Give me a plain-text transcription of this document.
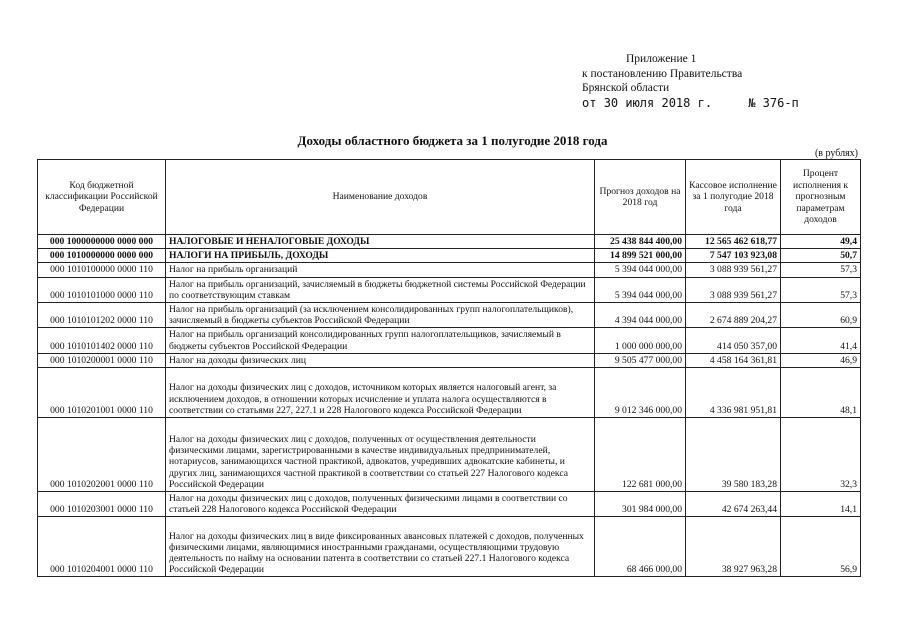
Приложение 1
к постановлению Правительства
Брянской области
от 30 июля 2018 г.	№ 376-п
Доходы областного бюджета за 1 полугодие 2018 года
(в рублях)
Код бюджетной классификации Российской Федерации	Наименование доходов	Прогноз доходов на 2018 год	Кассовое исполнение за 1 полугодие 2018 года	Процент исполнения к прогнозным параметрам доходов
000 1000000000 0000 000	НАЛОГОВЫЕ И НЕНАЛОГОВЫЕ ДОХОДЫ	25 438 844 400,00	12 565 462 618,77	49,4
000 1010000000 0000 000	НАЛОГИ НА ПРИБЫЛЬ, ДОХОДЫ	14 899 521 000,00	7 547 103 923,08	50,7
000 1010100000 0000 110	Налог на прибыль организаций	5 394 044 000,00	3 088 939 561,27	57,3
000 1010101000 0000 110	Налог на прибыль организаций, зачисляемый в бюджеты бюджетной системы Российской Федерации по соответствующим ставкам	5 394 044 000,00	3 088 939 561,27	57,3
000 1010101202 0000 110	Налог на прибыль организаций (за исключением консолидированных групп налогоплательщиков), зачисляемый в бюджеты субъектов Российской Федерации	4 394 044 000,00	2 674 889 204,27	60,9
000 1010101402 0000 110	Налог на прибыль организаций консолидированных групп налогоплательщиков, зачисляемый в бюджеты субъектов Российской Федерации	1 000 000 000,00	414 050 357,00	41,4
000 1010200001 0000 110	Налог на доходы физических лиц	9 505 477 000,00	4 458 164 361,81	46,9
000 1010201001 0000 110	Налог на доходы физических лиц с доходов, источником которых является налоговый агент, за исключением доходов, в отношении которых исчисление и уплата налога осуществляются в соответствии со статьями 227, 227.1 и 228 Налогового кодекса Российской Федерации	9 012 346 000,00	4 336 981 951,81	48,1
000 1010202001 0000 110	Налог на доходы физических лиц с доходов, полученных от осуществления деятельности физическими лицами, зарегистрированными в качестве индивидуальных предпринимателей, нотариусов, занимающихся частной практикой, адвокатов, учредивших адвокатские кабинеты, и других лиц, занимающихся частной практикой в соответствии со статьей 227 Налогового кодекса Российской Федерации	122 681 000,00	39 580 183,28	32,3
000 1010203001 0000 110	Налог на доходы физических лиц с доходов, полученных физическими лицами в соответствии со статьей 228 Налогового кодекса Российской Федерации	301 984 000,00	42 674 263,44	14,1
000 1010204001 0000 110	Налог на доходы физических лиц в виде фиксированных авансовых платежей с доходов, полученных физическими лицами, являющимися иностранными гражданами, осуществляющими трудовую деятельность по найму на основании патента в соответствии со статьей 227.1 Налогового кодекса Российской Федерации	68 466 000,00	38 927 963,28	56,9
